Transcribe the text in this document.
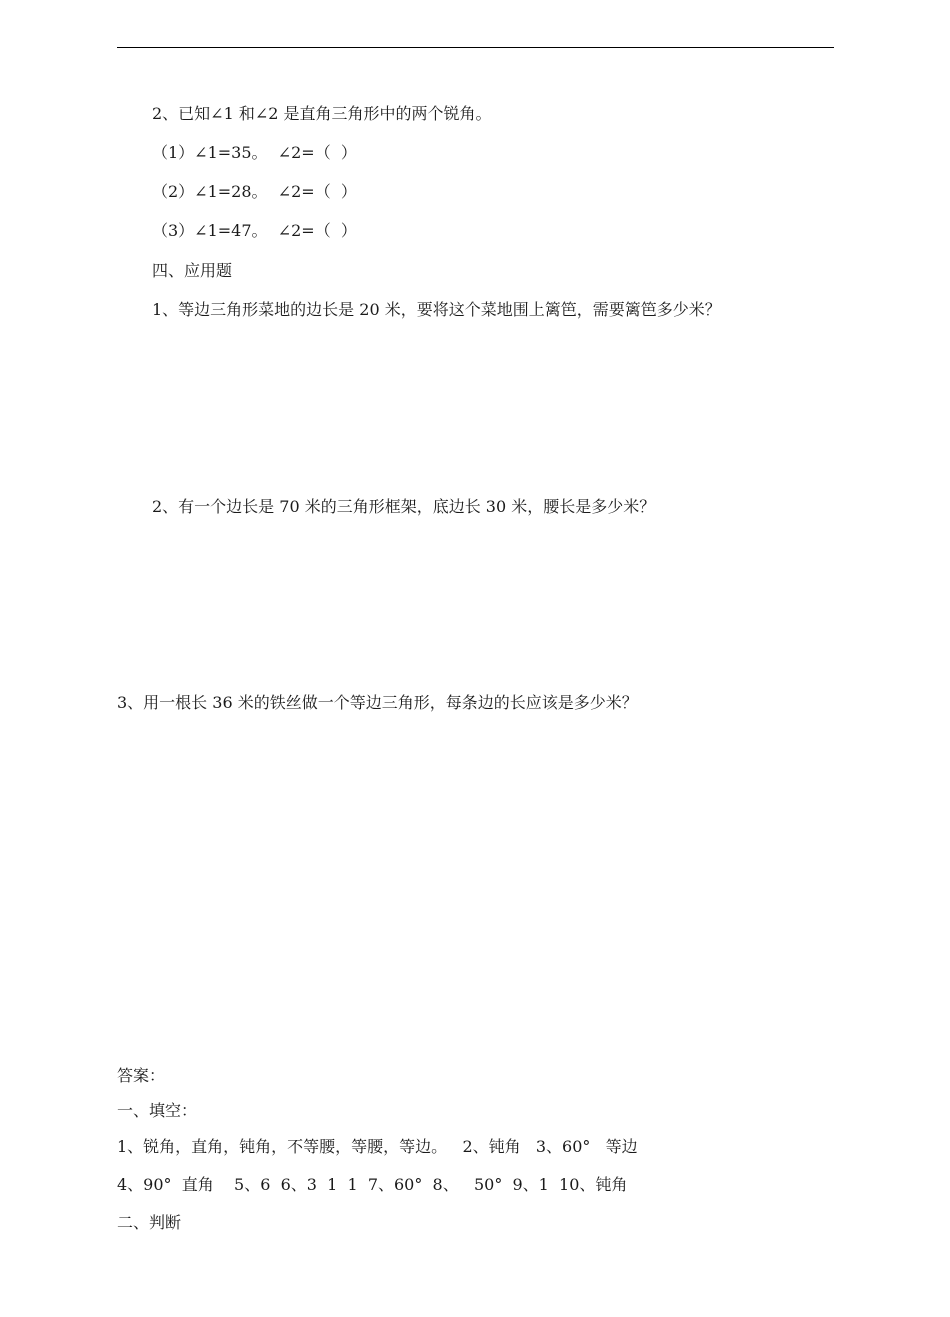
2、已知∠1 和∠2 是直角三角形中的两个锐角。
（1）∠1=35。  ∠2=（  ）
（2）∠1=28。  ∠2=（  ）
（3）∠1=47。  ∠2=（  ）
四、应用题
1、等边三角形菜地的边长是 20 米，要将这个菜地围上篱笆，需要篱笆多少米？
2、有一个边长是 70 米的三角形框架，底边长 30 米，腰长是多少米？
3、用一根长 36 米的铁丝做一个等边三角形，每条边的长应该是多少米？
答案：
一、填空：
1、锐角，直角，钝角，不等腰，等腰，等边。   2、钝角   3、60°   等边
4、90°  直角    5、6  6、3  1  1  7、60°  8、   50°  9、1  10、钝角
二、判断
